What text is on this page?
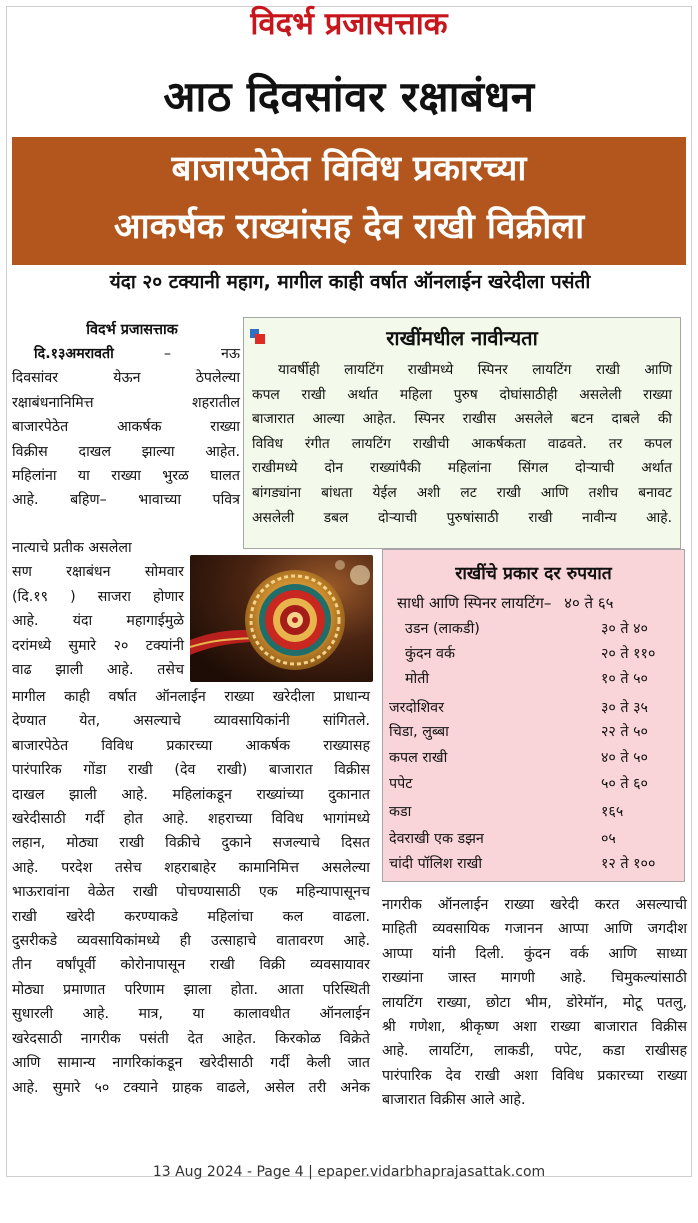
विदर्भ प्रजासत्ताक
आठ दिवसांवर रक्षाबंधन
बाजारपेठेत विविध प्रकारच्या
आकर्षक राख्यांसह देव राखी विक्रीला
यंदा २० टक्यानी महाग, मागील काही वर्षात ऑनलाईन खरेदीला पसंती
विदर्भ प्रजासत्ताक
दि.१३अमरावती	– नऊ
दिवसांवर येऊन ठेपलेल्या
रक्षाबंधनानिमित्त शहरातील
बाजारपेठेत आकर्षक राख्या
विक्रीस दाखल झाल्या आहेत.
महिलांना या राख्या भुरळ घालत
आहे. बहिण– भावाच्या पवित्र
नात्याचे प्रतीक असलेला
सण रक्षाबंधन सोमवार
(दि.१९ ) साजरा होणार
आहे. यंदा महागाईमुळे
दरांमध्ये सुमारे २० टक्यांनी
वाढ झाली आहे. तसेच
मागील काही वर्षात ऑनलाईन राख्या खरेदीला प्राधान्य
देण्यात येत, असल्याचे व्यावसायिकांनी सांगितले.
बाजारपेठेत विविध प्रकारच्या आकर्षक राख्यासह
पारंपारिक गोंडा राखी (देव राखी) बाजारात विक्रीस
दाखल झाली आहे. महिलांकडून राख्यांच्या दुकानात
खरेदीसाठी गर्दी होत आहे. शहराच्या विविध भागांमध्ये
लहान, मोठ्या राखी विक्रीचे दुकाने सजल्याचे दिसत
आहे. परदेश तसेच शहराबाहेर कामानिमित्त असलेल्या
भाऊरावांना वेळेत राखी पोचण्यासाठी एक महिन्यापासूनच
राखी खरेदी करण्याकडे महिलांचा कल वाढला.
दुसरीकडे व्यवसायिकांमध्ये ही उत्साहाचे वातावरण आहे.
तीन वर्षांपूर्वी कोरोनापासून राखी विक्री व्यवसायावर
मोठ्या प्रमाणात परिणाम झाला होता. आता परिस्थिती
सुधारली आहे. मात्र, या कालावधीत ऑनलाईन
खरेदसाठी नागरीक पसंती देत आहेत. किरकोळ विक्रेते
आणि सामान्य नागरिकांकडून खरेदीसाठी गर्दी केली जात
आहे. सुमारे ५० टक्याने ग्राहक वाढले, असेल तरी अनेक
राखींमधील नावीन्यता
यावर्षीही लायटिंग राखीमध्ये स्पिनर लायटिंग राखी आणि
कपल राखी अर्थात महिला पुरुष दोघांसाठीही असलेली राख्या
बाजारात आल्या आहेत. स्पिनर राखीस असलेले बटन दाबले की
विविध रंगीत लायटिंग राखीची आकर्षकता वाढवते. तर कपल
राखीमध्ये दोन राख्यांपैकी महिलांना सिंगल दोऱ्याची अर्थात
बांगड्यांना बांधता येईल अशी लट राखी आणि तशीच बनावट
असलेली डबल दोऱ्याची पुरुषांसाठी राखी नावीन्य आहे.
राखींचे प्रकार दर रुपयात
साधी आणि स्पिनर लायटिंग– ४० ते ६५
उडन (लाकडी)	३० ते ४०
कुंदन वर्क	२० ते ११०
मोती	१० ते ५०
जरदोशिवर	३० ते ३५
चिडा, लुब्बा	२२ ते ५०
कपल राखी	४० ते ५०
पपेट	५० ते ६०
कडा	१६५
देवराखी एक डझन	०५
चांदी पॉलिश राखी	१२ ते १००
नागरीक ऑनलाईन राख्या खरेदी करत असल्याची
माहिती व्यवसायिक गजानन आप्पा आणि जगदीश
आप्पा यांनी दिली. कुंदन वर्क आणि साध्या
राख्यांना जास्त मागणी आहे. चिमुकल्यांसाठी
लायटिंग राख्या, छोटा भीम, डोरेमॉन, मोटू पतलु,
श्री गणेशा, श्रीकृष्ण अशा राख्या बाजारात विक्रीस
आहे. लायटिंग, लाकडी, पपेट, कडा राखीसह
पारंपारिक देव राखी अशा विविध प्रकारच्या राख्या
बाजारात विक्रीस आले आहे.
13 Aug 2024 - Page 4 | epaper.vidarbhaprajasattak.com
